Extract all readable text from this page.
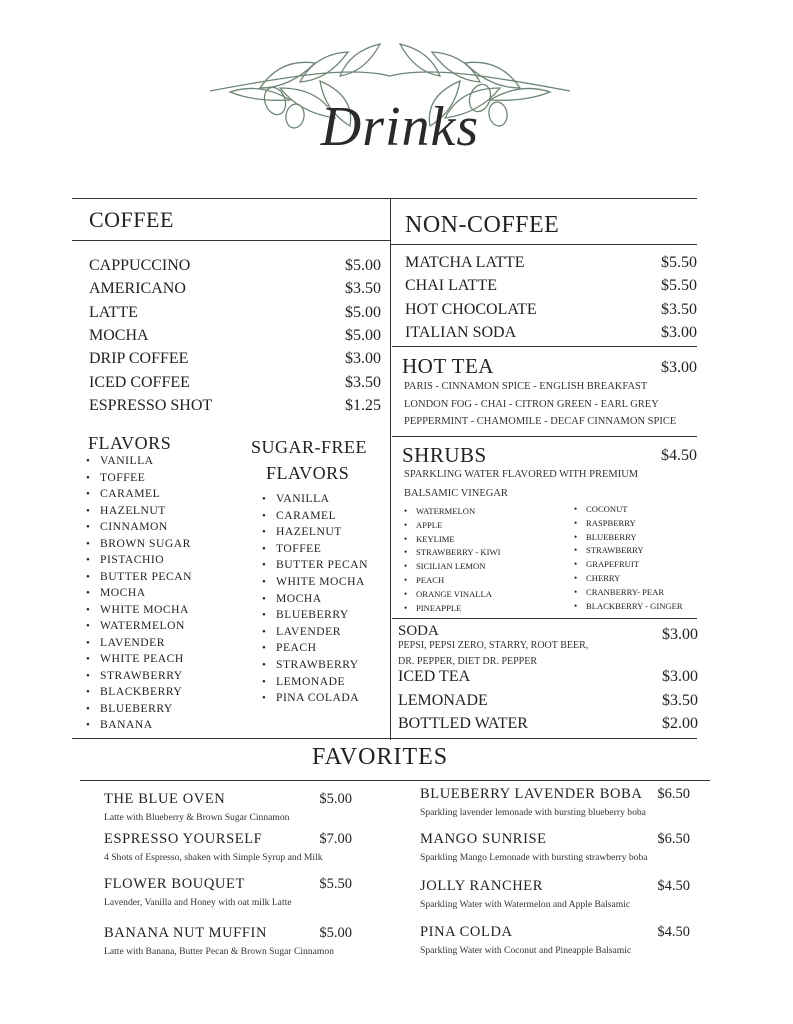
Drinks
COFFEE
CAPPUCCINO	$5.00
AMERICANO	$3.50
LATTE	$5.00
MOCHA	$5.00
DRIP COFFEE	$3.00
ICED COFFEE	$3.50
ESPRESSO SHOT	$1.25
FLAVORS
• VANILLA
• TOFFEE
• CARAMEL
• HAZELNUT
• CINNAMON
• BROWN SUGAR
• PISTACHIO
• BUTTER PECAN
• MOCHA
• WHITE MOCHA
• WATERMELON
• LAVENDER
• WHITE PEACH
• STRAWBERRY
• BLACKBERRY
• BLUEBERRY
• BANANA
SUGAR-FREE
FLAVORS
• VANILLA
• CARAMEL
• HAZELNUT
• TOFFEE
• BUTTER PECAN
• WHITE MOCHA
• MOCHA
• BLUEBERRY
• LAVENDER
• PEACH
• STRAWBERRY
• LEMONADE
• PINA COLADA
NON-COFFEE
MATCHA LATTE	$5.50
CHAI LATTE	$5.50
HOT CHOCOLATE	$3.50
ITALIAN SODA	$3.00
HOT TEA	$3.00
PARIS - CINNAMON SPICE - ENGLISH BREAKFAST
LONDON FOG - CHAI - CITRON GREEN - EARL GREY
PEPPERMINT - CHAMOMILE - DECAF CINNAMON SPICE
SHRUBS	$4.50
SPARKLING WATER FLAVORED WITH PREMIUM
BALSAMIC VINEGAR
• WATERMELON
• APPLE
• KEYLIME
• STRAWBERRY - KIWI
• SICILIAN LEMON
• PEACH
• ORANGE VINALLA
• PINEAPPLE
• COCONUT
• RASPBERRY
• BLUEBERRY
• STRAWBERRY
• GRAPEFRUIT
• CHERRY
• CRANBERRY- PEAR
• BLACKBERRY - GINGER
SODA	$3.00
PEPSI, PEPSI ZERO, STARRY, ROOT BEER,
DR. PEPPER, DIET DR. PEPPER
ICED TEA	$3.00
LEMONADE	$3.50
BOTTLED WATER	$2.00
FAVORITES
THE BLUE OVEN	$5.00
Latte with Blueberry & Brown Sugar Cinnamon
ESPRESSO YOURSELF	$7.00
4 Shots of Espresso, shaken with Simple Syrup and Milk
FLOWER BOUQUET	$5.50
Lavender, Vanilla and Honey with oat milk Latte
BANANA NUT MUFFIN	$5.00
Latte with Banana, Butter Pecan & Brown Sugar Cinnamon
BLUEBERRY LAVENDER BOBA $6.50
Sparkling lavender lemonade with bursting blueberry boba
MANGO SUNRISE	$6.50
Sparkling Mango Lemonade with bursting strawberry boba
JOLLY RANCHER	$4.50
Sparkling Water with Watermelon and Apple Balsamic
PINA COLDA	$4.50
Sparkling Water with Coconut and Pineapple Balsamic
